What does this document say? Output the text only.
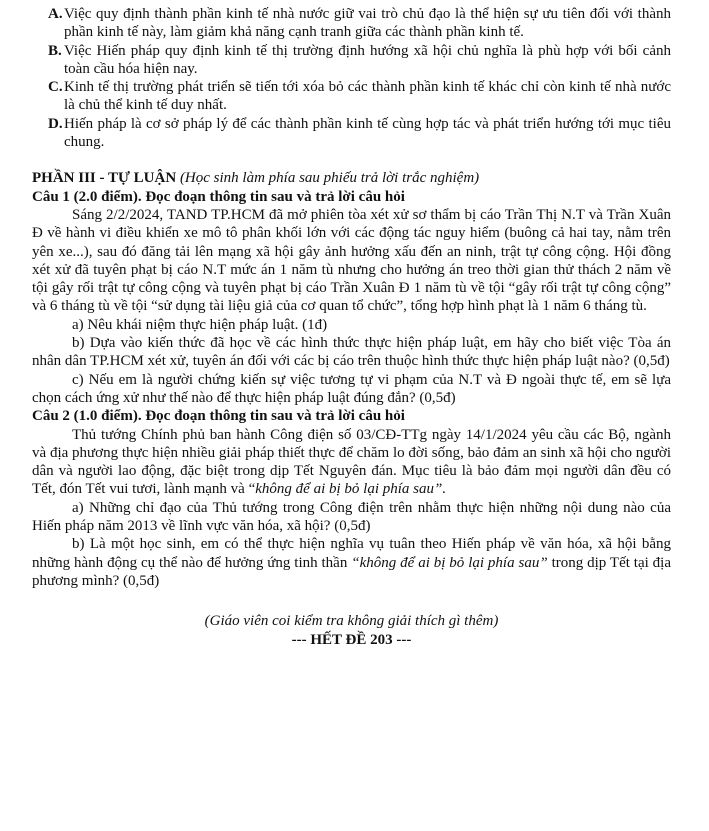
A. Việc quy định thành phần kinh tế nhà nước giữ vai trò chủ đạo là thể hiện sự ưu tiên đối với thành phần kinh tế này, làm giảm khả năng cạnh tranh giữa các thành phần kinh tế.
B. Việc Hiến pháp quy định kinh tế thị trường định hướng xã hội chủ nghĩa là phù hợp với bối cảnh toàn cầu hóa hiện nay.
C. Kinh tế thị trường phát triển sẽ tiến tới xóa bỏ các thành phần kinh tế khác chỉ còn kinh tế nhà nước là chủ thể kinh tế duy nhất.
D. Hiến pháp là cơ sở pháp lý để các thành phần kinh tế cùng hợp tác và phát triển hướng tới mục tiêu chung.
PHẦN III - TỰ LUẬN (Học sinh làm phía sau phiếu trả lời trắc nghiệm)

Câu 1 (2.0 điểm). Đọc đoạn thông tin sau và trả lời câu hỏi

Sáng 2/2/2024, TAND TP.HCM đã mở phiên tòa xét xử sơ thẩm bị cáo Trần Thị N.T và Trần Xuân Đ về hành vi điều khiển xe mô tô phân khối lớn với các động tác nguy hiểm (buông cả hai tay, nằm trên yên xe...), sau đó đăng tải lên mạng xã hội gây ảnh hưởng xấu đến an ninh, trật tự công cộng. Hội đồng xét xử đã tuyên phạt bị cáo N.T mức án 1 năm tù nhưng cho hưởng án treo thời gian thử thách 2 năm về tội gây rối trật tự công cộng và tuyên phạt bị cáo Trần Xuân Đ 1 năm tù về tội “gây rối trật tự công cộng” và 6 tháng tù về tội “sử dụng tài liệu giả của cơ quan tổ chức”, tổng hợp hình phạt là 1 năm 6 tháng tù.

a) Nêu khái niệm thực hiện pháp luật. (1đ)

b) Dựa vào kiến thức đã học về các hình thức thực hiện pháp luật, em hãy cho biết việc Tòa án nhân dân TP.HCM xét xử, tuyên án đối với các bị cáo trên thuộc hình thức thực hiện pháp luật nào? (0,5đ)

c) Nếu em là người chứng kiến sự việc tương tự vi phạm của N.T và Đ ngoài thực tế, em sẽ lựa chọn cách ứng xử như thế nào để thực hiện pháp luật đúng đắn? (0,5đ)

Câu 2 (1.0 điểm). Đọc đoạn thông tin sau và trả lời câu hỏi

Thủ tướng Chính phủ ban hành Công điện số 03/CĐ-TTg ngày 14/1/2024 yêu cầu các Bộ, ngành và địa phương thực hiện nhiều giải pháp thiết thực để chăm lo đời sống, bảo đảm an sinh xã hội cho người dân và người lao động, đặc biệt trong dịp Tết Nguyên đán. Mục tiêu là bảo đảm mọi người dân đều có Tết, đón Tết vui tươi, lành mạnh và “không để ai bị bỏ lại phía sau”.

a) Những chỉ đạo của Thủ tướng trong Công điện trên nhằm thực hiện những nội dung nào của Hiến pháp năm 2013 về lĩnh vực văn hóa, xã hội? (0,5đ)

b) Là một học sinh, em có thể thực hiện nghĩa vụ tuân theo Hiến pháp về văn hóa, xã hội bằng những hành động cụ thể nào để hưởng ứng tinh thần “không để ai bị bỏ lại phía sau” trong dịp Tết tại địa phương mình? (0,5đ)

(Giáo viên coi kiểm tra không giải thích gì thêm)

--- HẾT ĐỀ 203 ---
